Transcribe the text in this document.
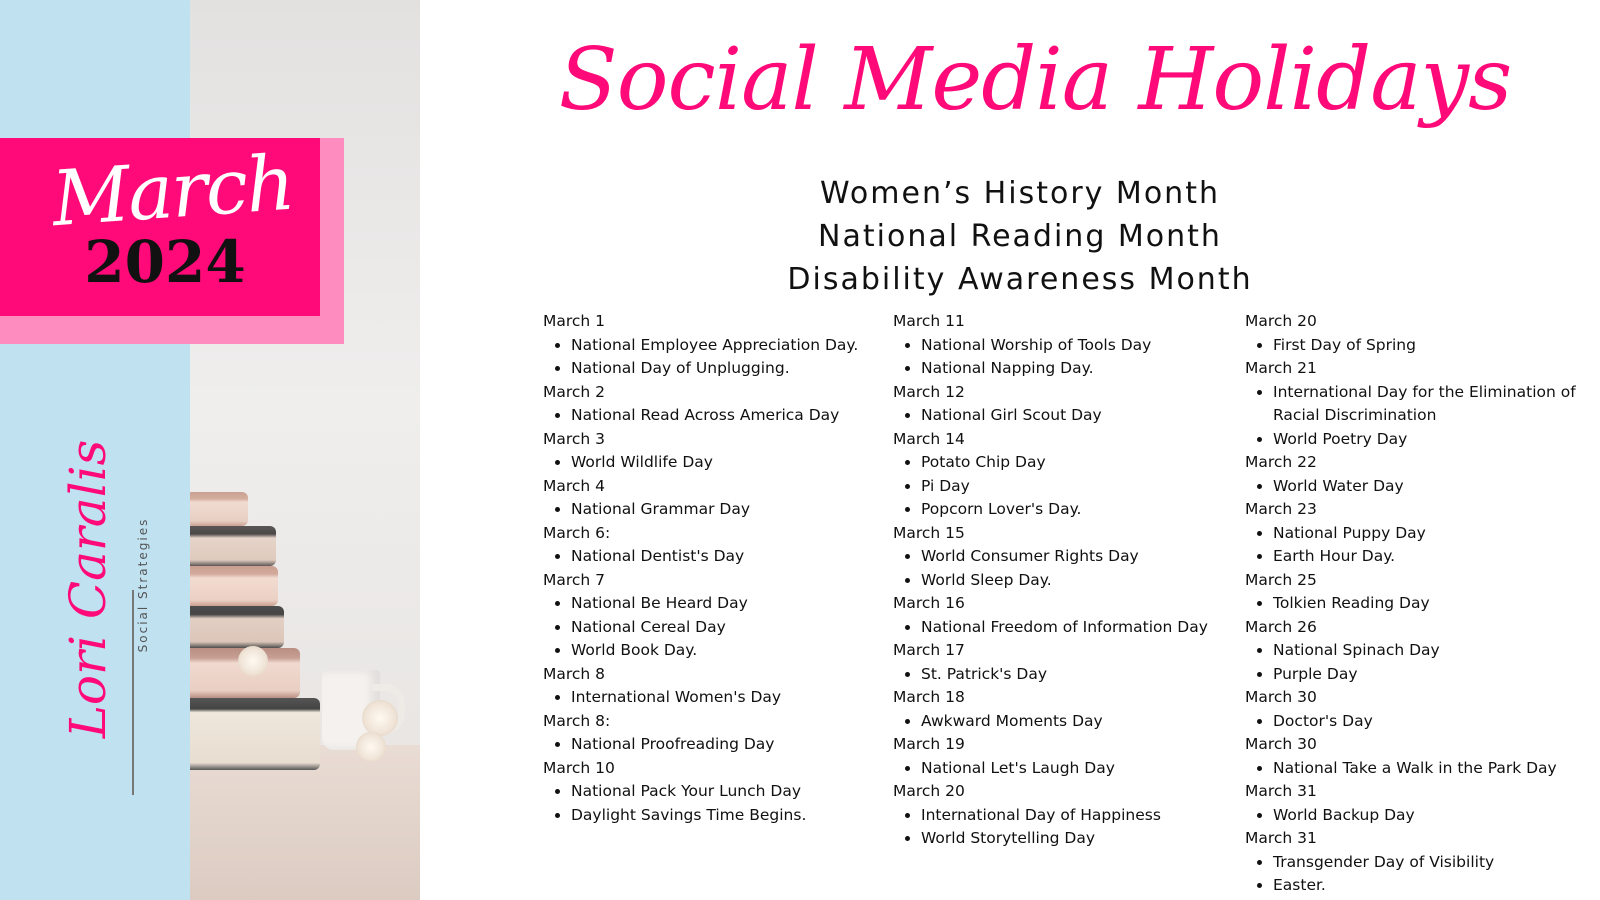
March
2024
Lori Caralis Social Strategies
Social Media Holidays
Women’s History Month
National Reading Month
Disability Awareness Month
March 1
• National Employee Appreciation Day.
• National Day of Unplugging.
March 2
• National Read Across America Day
March 3
• World Wildlife Day
March 4
• National Grammar Day
March 6:
• National Dentist's Day
March 7
• National Be Heard Day
• National Cereal Day
• World Book Day.
March 8
• International Women's Day
March 8:
• National Proofreading Day
March 10
• National Pack Your Lunch Day
• Daylight Savings Time Begins.
March 11
• National Worship of Tools Day
• National Napping Day.
March 12
• National Girl Scout Day
March 14
• Potato Chip Day
• Pi Day
• Popcorn Lover's Day.
March 15
• World Consumer Rights Day
• World Sleep Day.
March 16
• National Freedom of Information Day
March 17
• St. Patrick's Day
March 18
• Awkward Moments Day
March 19
• National Let's Laugh Day
March 20
• International Day of Happiness
• World Storytelling Day
March 20
• First Day of Spring
March 21
• International Day for the Elimination of Racial Discrimination
• World Poetry Day
March 22
• World Water Day
March 23
• National Puppy Day
• Earth Hour Day.
March 25
• Tolkien Reading Day
March 26
• National Spinach Day
• Purple Day
March 30
• Doctor's Day
March 30
• National Take a Walk in the Park Day
March 31
• World Backup Day
March 31
• Transgender Day of Visibility
• Easter.
